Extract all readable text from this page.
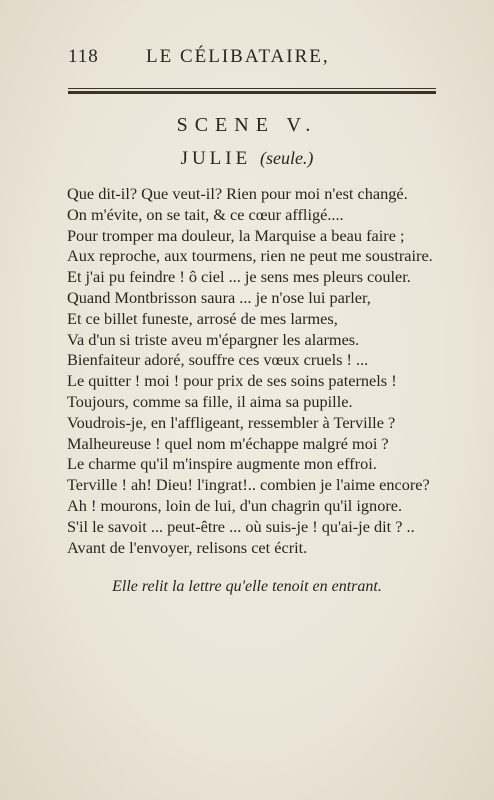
118 LE CÉLIBATAIRE,
SCENE V.
JULIE (seule.)
Que dit-il? Que veut-il? Rien pour moi n'est changé.
On m'évite, on se tait, & ce cœur affligé....
Pour tromper ma douleur, la Marquise a beau faire ;
Aux reproche, aux tourmens, rien ne peut me soustraire.
Et j'ai pu feindre ! ô ciel ... je sens mes pleurs couler.
Quand Montbrisson saura ... je n'ose lui parler,
Et ce billet funeste, arrosé de mes larmes,
Va d'un si triste aveu m'épargner les alarmes.
Bienfaiteur adoré, souffre ces vœux cruels ! ...
Le quitter ! moi ! pour prix de ses soins paternels !
Toujours, comme sa fille, il aima sa pupille.
Voudrois-je, en l'affligeant, ressembler à Terville ?
Malheureuse ! quel nom m'échappe malgré moi ?
Le charme qu'il m'inspire augmente mon effroi.
Terville ! ah! Dieu! l'ingrat!.. combien je l'aime encore?
Ah ! mourons, loin de lui, d'un chagrin qu'il ignore.
S'il le savoit ... peut-être ... où suis-je ! qu'ai-je dit ? ..
Avant de l'envoyer, relisons cet écrit.
Elle relit la lettre qu'elle tenoit en entrant.
